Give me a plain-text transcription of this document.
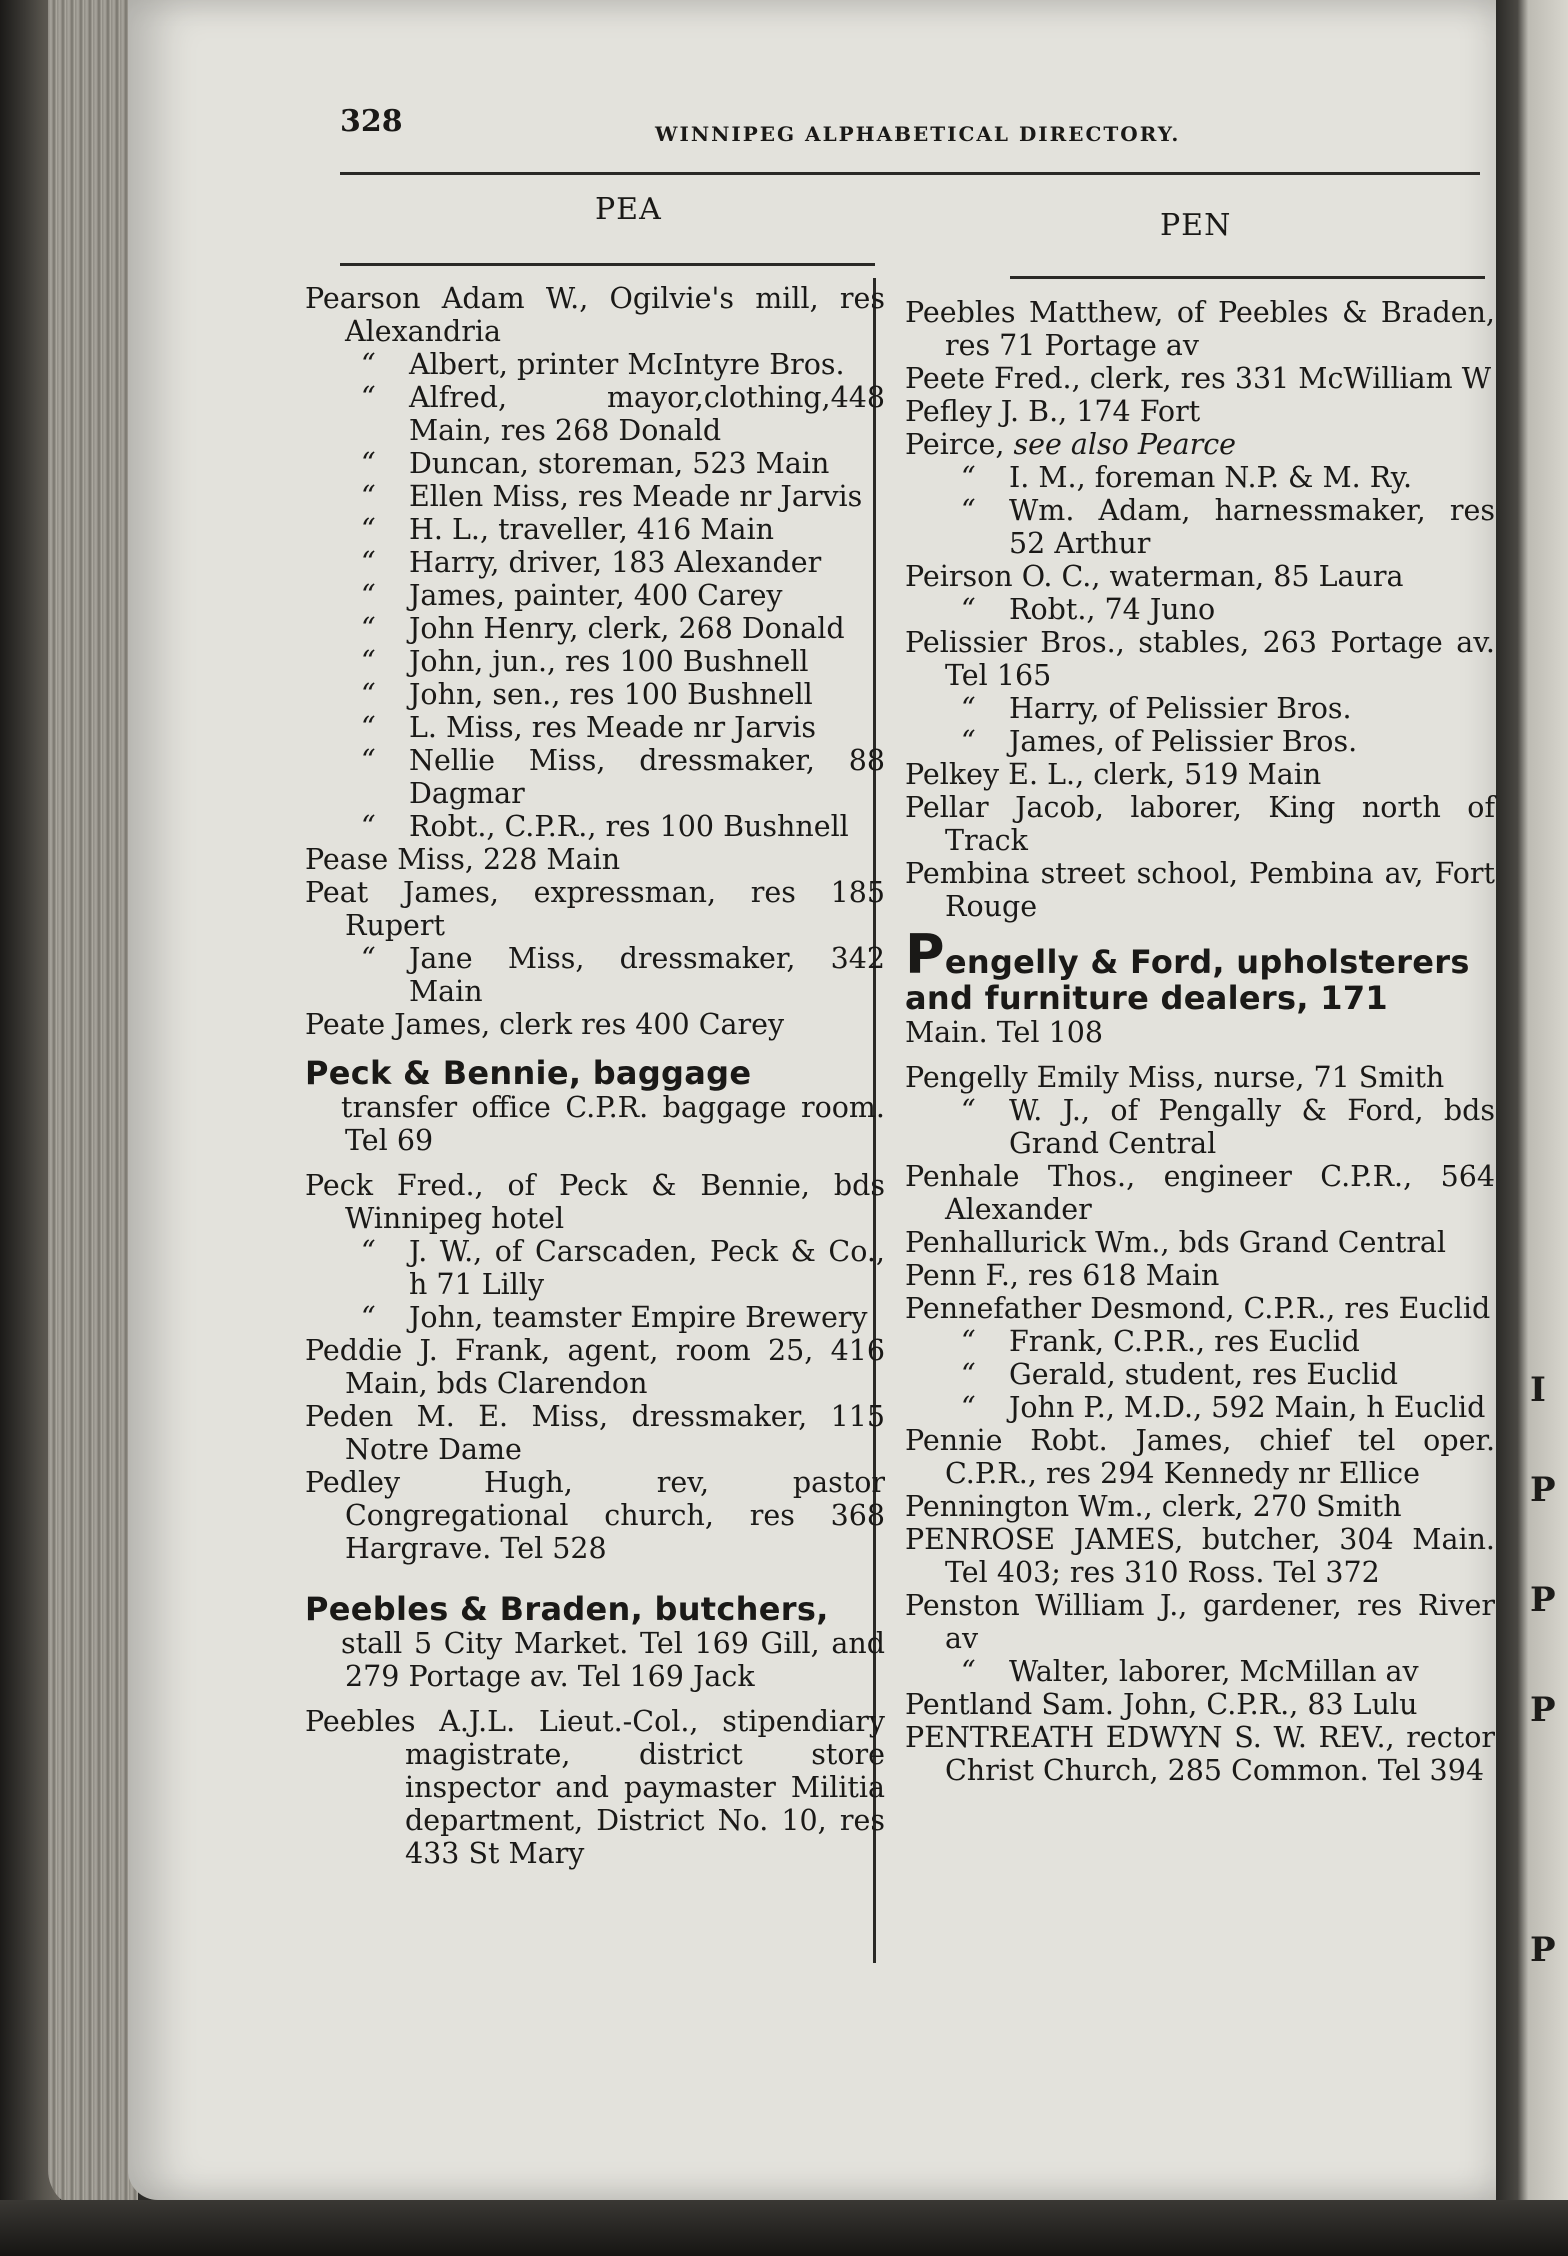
I
P
P
P
P
328	WINNIPEG ALPHABETICAL DIRECTORY.
PEA	PEN

Pearson Adam W., Ogilvie's mill, res Alexandria

“ Albert, printer McIntyre Bros.

“ Alfred, mayor,clothing,448 Main, res 268 Donald

“ Duncan, storeman, 523 Main

“ Ellen Miss, res Meade nr Jarvis

“ H. L., traveller, 416 Main

“ Harry, driver, 183 Alexander

“ James, painter, 400 Carey

“ John Henry, clerk, 268 Donald

“ John, jun., res 100 Bushnell

“ John, sen., res 100 Bushnell

“ L. Miss, res Meade nr Jarvis

“ Nellie Miss, dressmaker, 88 Dagmar

“ Robt., C.P.R., res 100 Bushnell

Pease Miss, 228 Main

Peat James, expressman, res 185 Rupert

“ Jane Miss, dressmaker, 342 Main

Peate James, clerk res 400 Carey

Peck & Bennie, baggage

transfer office C.P.R. baggage room. Tel 69

Peck Fred., of Peck & Bennie, bds Winnipeg hotel

“ J. W., of Carscaden, Peck & Co., h 71 Lilly

“ John, teamster Empire Brewery

Peddie J. Frank, agent, room 25, 416 Main, bds Clarendon

Peden M. E. Miss, dressmaker, 115 Notre Dame

Pedley Hugh, rev, pastor Congregational church, res 368 Hargrave. Tel 528

Peebles & Braden, butchers,

stall 5 City Market. Tel 169 Gill, and 279 Portage av. Tel 169 Jack

Peebles A.J.L. Lieut.-Col., stipendiary magistrate, district store inspector and paymaster Militia department, District No. 10, res 433 St Mary

Peebles Matthew, of Peebles & Braden, res 71 Portage av

Peete Fred., clerk, res 331 McWilliam W

Pefley J. B., 174 Fort

Peirce, see also Pearce

“ I. M., foreman N.P. & M. Ry.

“ Wm. Adam, harnessmaker, res 52 Arthur

Peirson O. C., waterman, 85 Laura

“ Robt., 74 Juno

Pelissier Bros., stables, 263 Portage av. Tel 165

“ Harry, of Pelissier Bros.

“ James, of Pelissier Bros.

Pelkey E. L., clerk, 519 Main

Pellar Jacob, laborer, King north of Track

Pembina street school, Pembina av, Fort Rouge

Pengelly & Ford, upholsterers and furniture dealers, 171

Main. Tel 108

Pengelly Emily Miss, nurse, 71 Smith

“ W. J., of Pengally & Ford, bds Grand Central

Penhale Thos., engineer C.P.R., 564 Alexander

Penhallurick Wm., bds Grand Central

Penn F., res 618 Main

Pennefather Desmond, C.P.R., res Euclid

“ Frank, C.P.R., res Euclid

“ Gerald, student, res Euclid

“ John P., M.D., 592 Main, h Euclid

Pennie Robt. James, chief tel oper. C.P.R., res 294 Kennedy nr Ellice

Pennington Wm., clerk, 270 Smith

PENROSE JAMES, butcher, 304 Main. Tel 403; res 310 Ross. Tel 372

Penston William J., gardener, res River av

“ Walter, laborer, McMillan av

Pentland Sam. John, C.P.R., 83 Lulu

PENTREATH EDWYN S. W. REV., rector Christ Church, 285 Common. Tel 394
